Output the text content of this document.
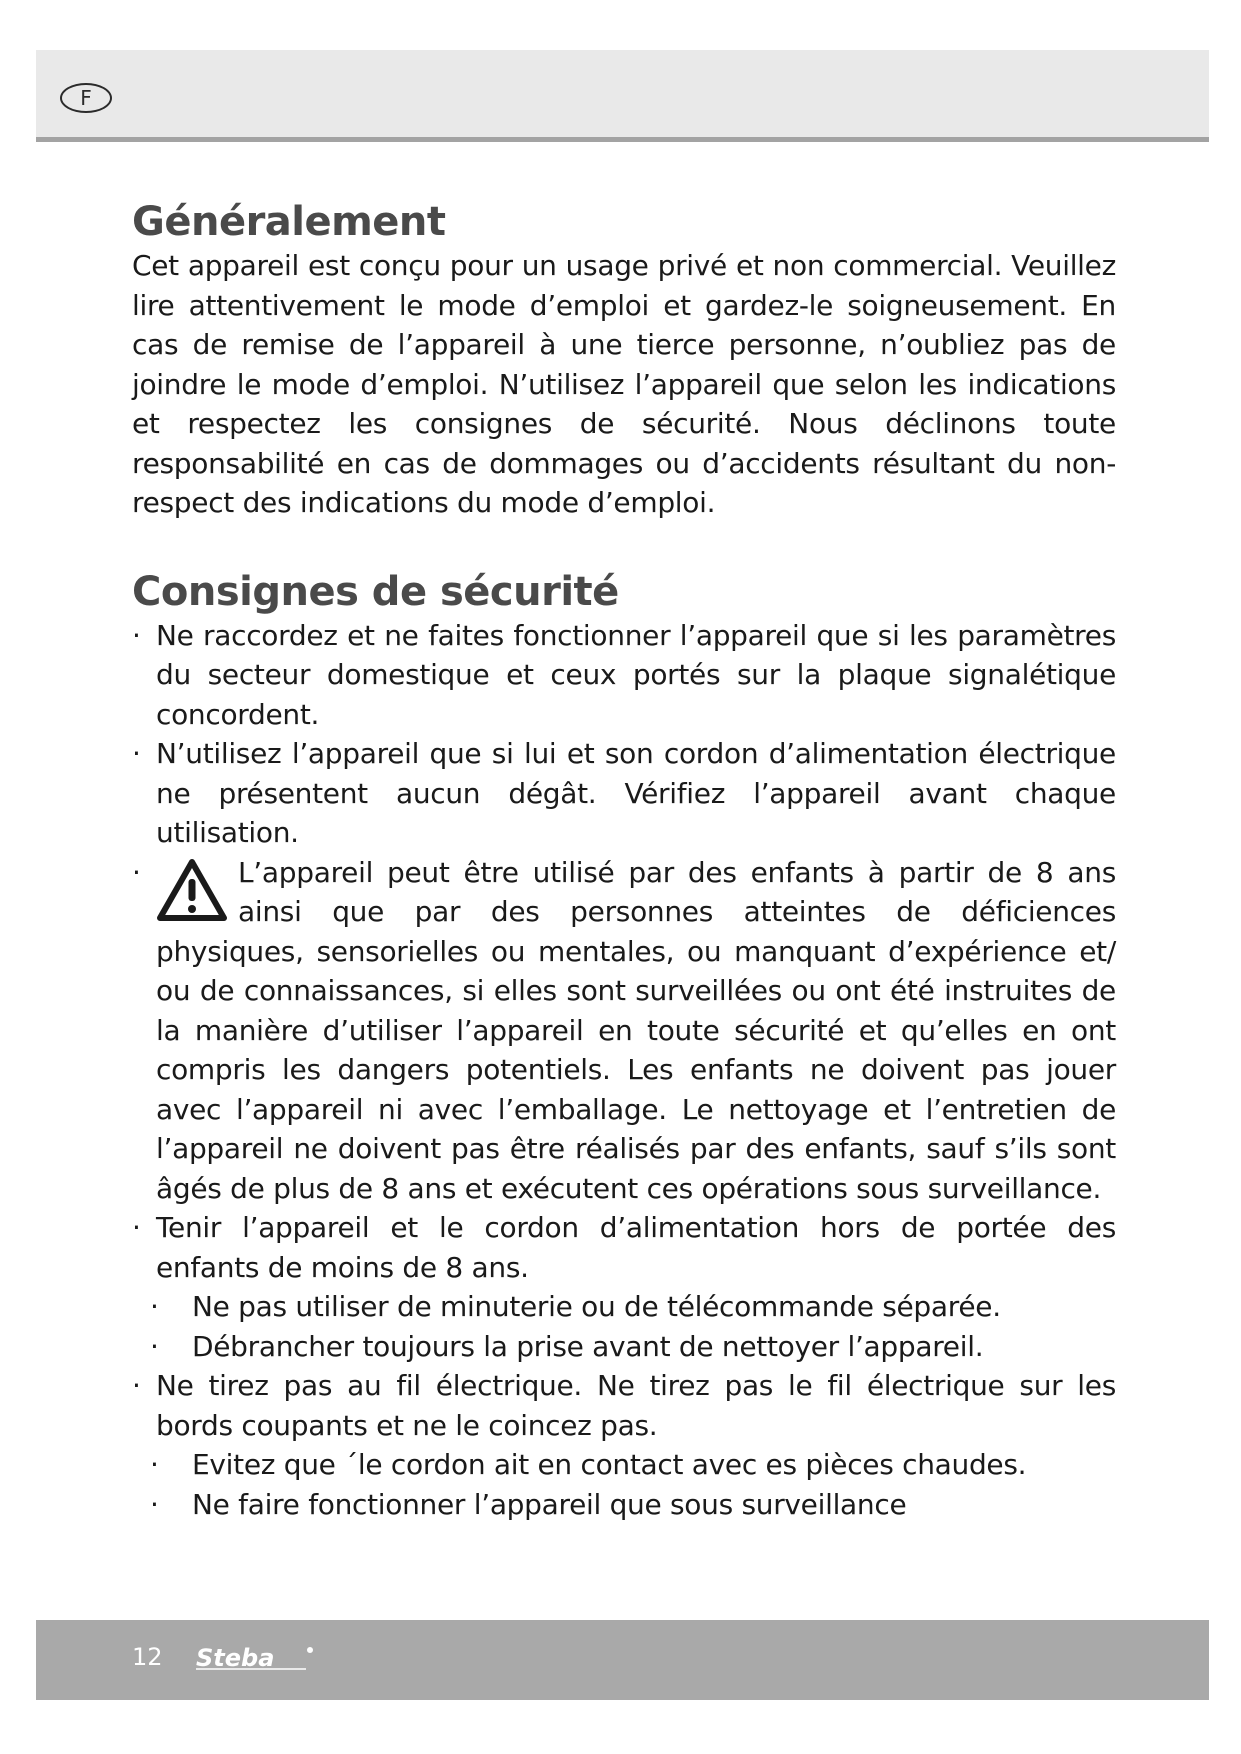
F
Généralement

Cet appareil est conçu pour un usage privé et non commercial. Veuillez lire attentivement le mode d’emploi et gardez-le soigneusement. En cas de remise de l’appareil à une tierce personne, n’oubliez pas de joindre le mode d’emploi. N’utilisez l’appareil que selon les indications et respectez les consignes de sécurité. Nous déclinons toute responsabilité en cas de dommages ou d’accidents résultant du non-respect des indications du mode d’emploi.

Consignes de sécurité
· Ne raccordez et ne faites fonctionner l’appareil que si les paramètres du secteur domestique et ceux portés sur la plaque signalétique concordent.
· N’utilisez l’appareil que si lui et son cordon d’alimentation électrique ne présentent aucun dégât. Vérifiez l’appareil avant chaque utilisation.
· L’appareil peut être utilisé par des enfants à partir de 8 ans ainsi que par des personnes atteintes de déficiences physiques, sensorielles ou mentales, ou manquant d’expérience et/ ou de connaissances, si elles sont surveillées ou ont été instruites de la manière d’utiliser l’appareil en toute sécurité et qu’elles en ont compris les dangers potentiels. Les enfants ne doivent pas jouer avec l’appareil ni avec l’emballage. Le nettoyage et l’entretien de l’appareil ne doivent pas être réalisés par des enfants, sauf s’ils sont âgés de plus de 8 ans et exécutent ces opérations sous surveillance.
· Tenir l’appareil et le cordon d’alimentation hors de portée des enfants de moins de 8 ans.
· Ne pas utiliser de minuterie ou de télécommande séparée.
· Débrancher toujours la prise avant de nettoyer l’appareil.
· Ne tirez pas au fil électrique. Ne tirez pas le fil électrique sur les bords coupants et ne le coincez pas.
· Evitez que ´le cordon ait en contact avec es pièces chaudes.
· Ne faire fonctionner l’appareil que sous surveillance
12 Steba
